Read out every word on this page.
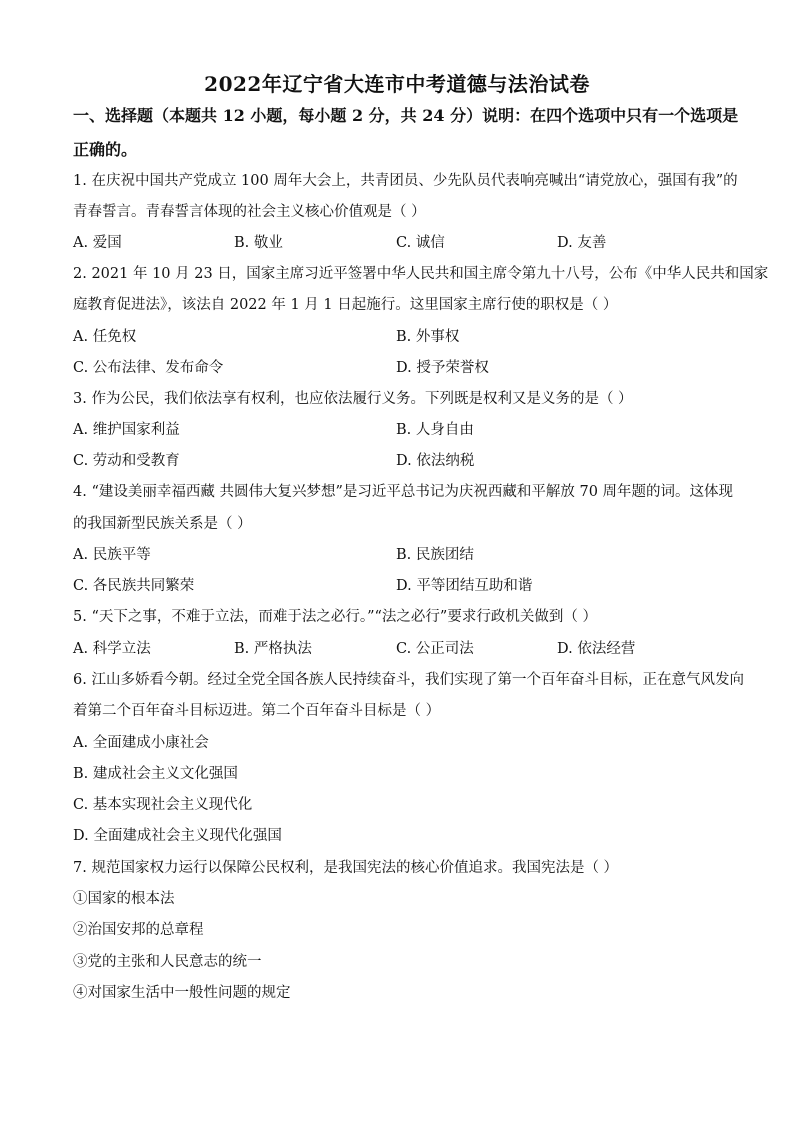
2022年辽宁省大连市中考道德与法治试卷
一、选择题（本题共 12 小题，每小题 2 分，共 24 分）说明：在四个选项中只有一个选项是
正确的。
1. 在庆祝中国共产党成立 100 周年大会上，共青团员、少先队员代表响亮喊出“请党放心，强国有我”的
青春誓言。青春誓言体现的社会主义核心价值观是（ ）
A. 爱国	B. 敬业	C. 诚信	D. 友善
2. 2021 年 10 月 23 日，国家主席习近平签署中华人民共和国主席令第九十八号，公布《中华人民共和国家
庭教育促进法》，该法自 2022 年 1 月 1 日起施行。这里国家主席行使的职权是（ ）
A. 任免权	B. 外事权
C. 公布法律、发布命令	D. 授予荣誉权
3. 作为公民，我们依法享有权利，也应依法履行义务。下列既是权利又是义务的是（ ）
A. 维护国家利益	B. 人身自由
C. 劳动和受教育	D. 依法纳税
4. “建设美丽幸福西藏 共圆伟大复兴梦想”是习近平总书记为庆祝西藏和平解放 70 周年题的词。这体现
的我国新型民族关系是（ ）
A. 民族平等	B. 民族团结
C. 各民族共同繁荣	D. 平等团结互助和谐
5. “天下之事，不难于立法，而难于法之必行。”“法之必行”要求行政机关做到（ ）
A. 科学立法	B. 严格执法	C. 公正司法	D. 依法经营
6. 江山多娇看今朝。经过全党全国各族人民持续奋斗，我们实现了第一个百年奋斗目标，正在意气风发向
着第二个百年奋斗目标迈进。第二个百年奋斗目标是（ ）
A. 全面建成小康社会
B. 建成社会主义文化强国
C. 基本实现社会主义现代化
D. 全面建成社会主义现代化强国
7. 规范国家权力运行以保障公民权利，是我国宪法的核心价值追求。我国宪法是（ ）
①国家的根本法
②治国安邦的总章程
③党的主张和人民意志的统一
④对国家生活中一般性问题的规定
